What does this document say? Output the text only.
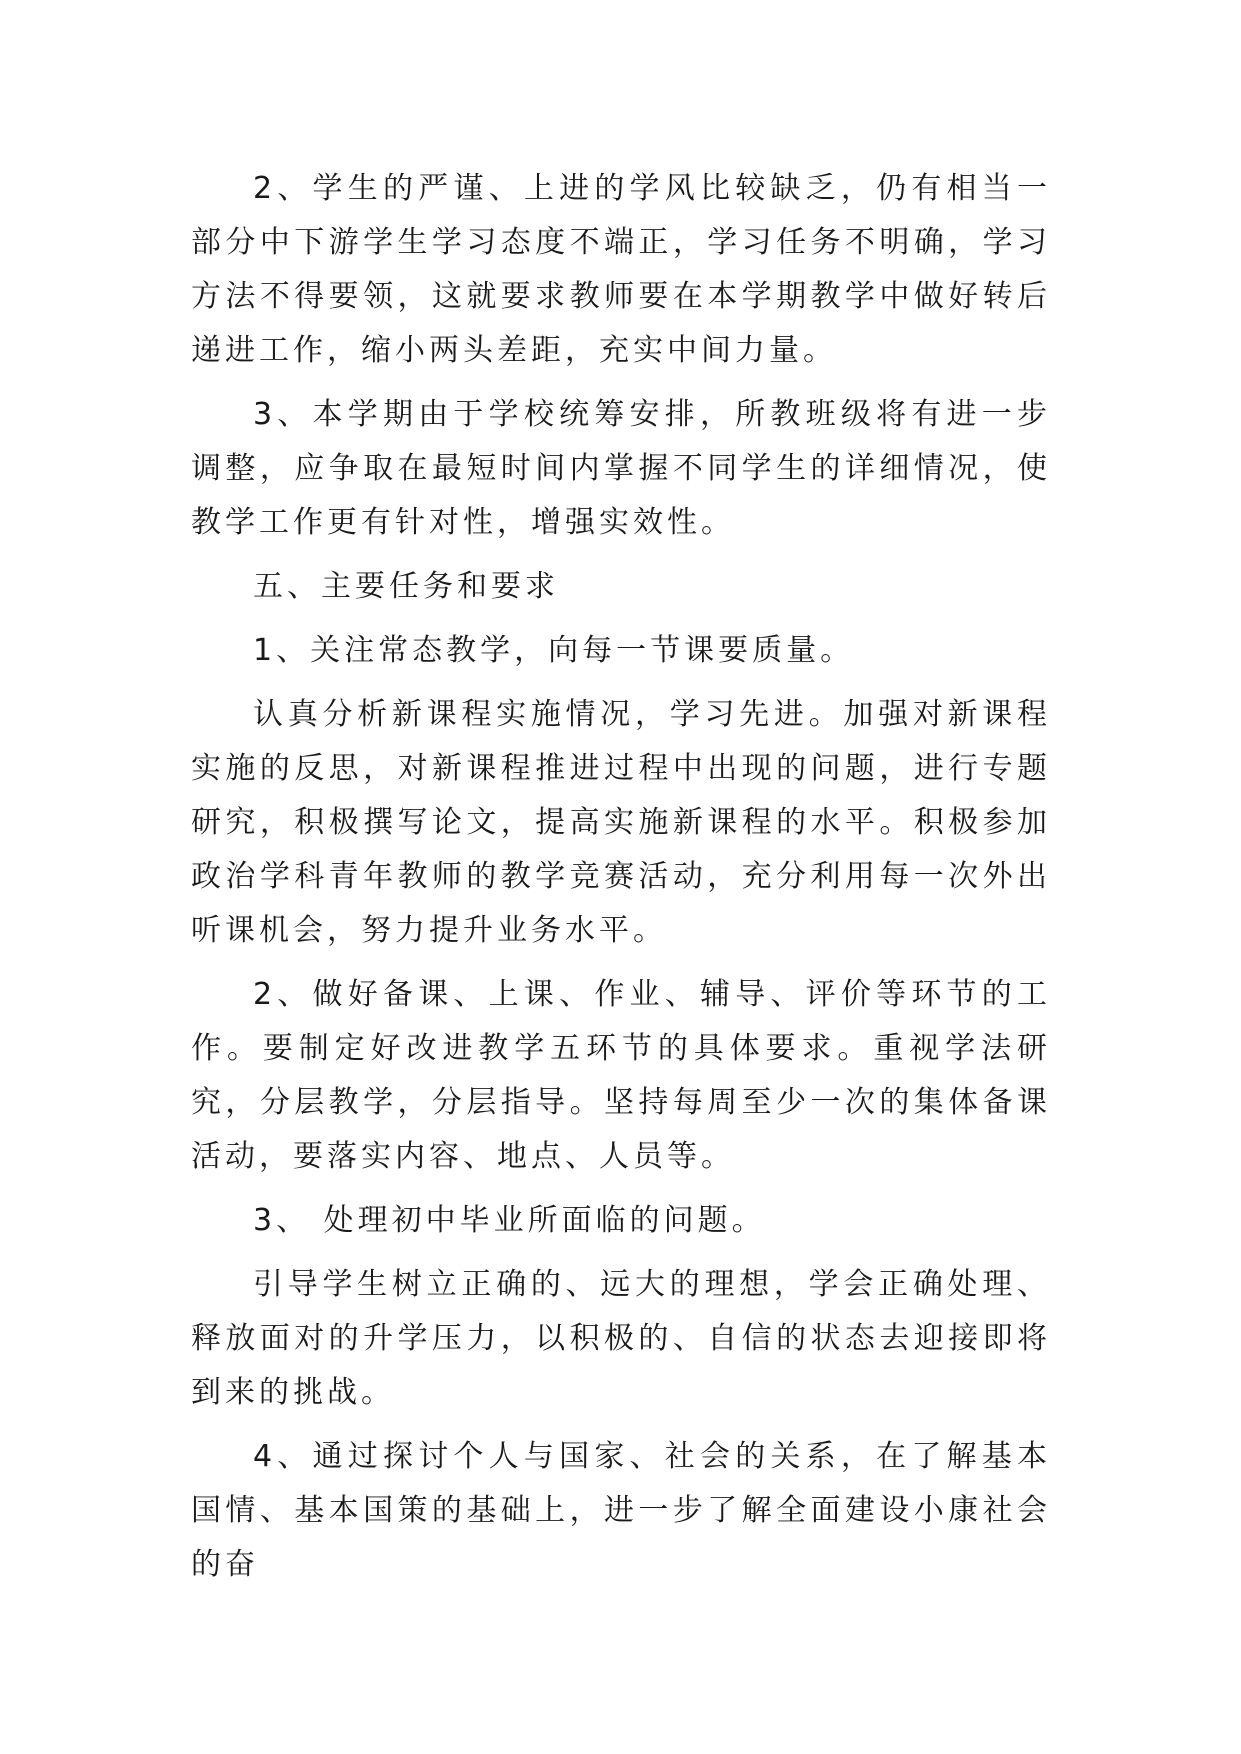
2、学生的严谨、上进的学风比较缺乏，仍有相当一部分中下游学生学习态度不端正，学习任务不明确，学习方法不得要领，这就要求教师要在本学期教学中做好转后递进工作，缩小两头差距，充实中间力量。

3、本学期由于学校统筹安排，所教班级将有进一步调整，应争取在最短时间内掌握不同学生的详细情况，使教学工作更有针对性，增强实效性。

五、主要任务和要求

1、关注常态教学，向每一节课要质量。

认真分析新课程实施情况，学习先进。加强对新课程实施的反思，对新课程推进过程中出现的问题，进行专题研究，积极撰写论文，提高实施新课程的水平。积极参加政治学科青年教师的教学竞赛活动，充分利用每一次外出听课机会，努力提升业务水平。

2、做好备课、上课、作业、辅导、评价等环节的工作。要制定好改进教学五环节的具体要求。重视学法研究，分层教学，分层指导。坚持每周至少一次的集体备课活动，要落实内容、地点、人员等。

3、 处理初中毕业所面临的问题。

引导学生树立正确的、远大的理想，学会正确处理、释放面对的升学压力，以积极的、自信的状态去迎接即将到来的挑战。

4、通过探讨个人与国家、社会的关系，在了解基本国情、基本国策的基础上，进一步了解全面建设小康社会的奋
